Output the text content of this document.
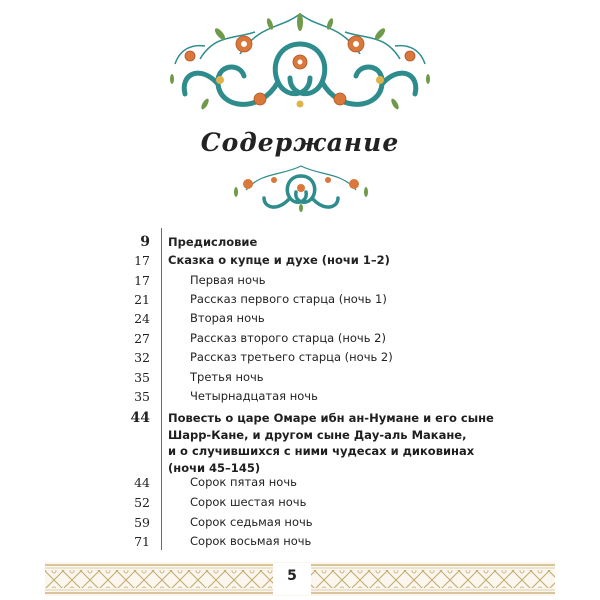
Содержание
9 Предисловие
17 Сказка о купце и духе (ночи 1–2)
17	Первая ночь
21	Рассказ первого старца (ночь 1)
24	Вторая ночь
27	Рассказ второго старца (ночь 2)
32	Рассказ третьего старца (ночь 2)
35	Третья ночь
35	Четырнадцатая ночь
44 Повесть о царе Омаре ибн ан-Нумане и его сыне
Шарр-Кане, и другом сыне Дау-аль Макане,
и о случившихся с ними чудесах и диковинах
(ночи 45–145)
44	Сорок пятая ночь
52	Сорок шестая ночь
59	Сорок седьмая ночь
71	Сорок восьмая ночь
5
